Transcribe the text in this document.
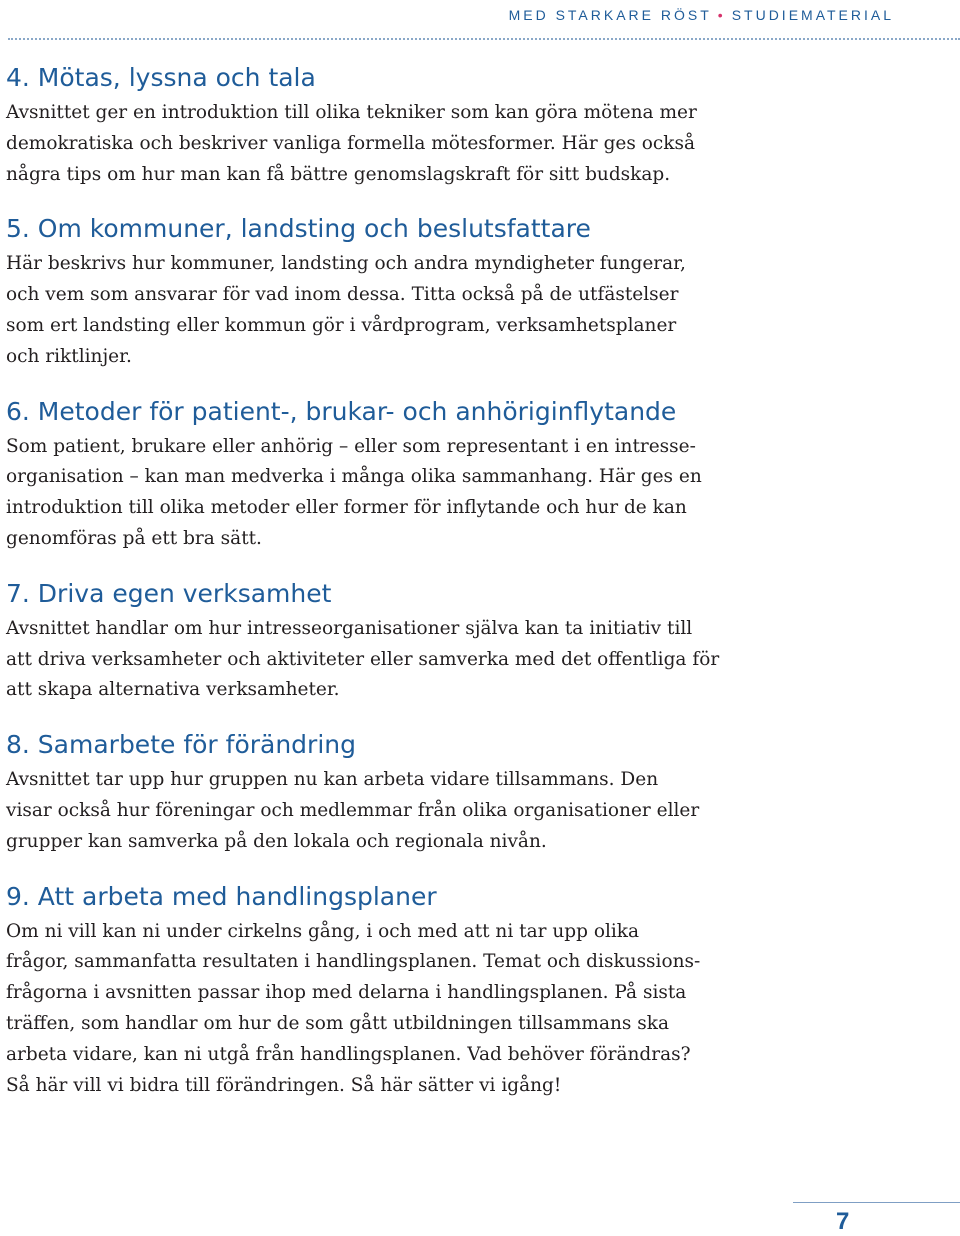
MED STARKARE RÖST • STUDIEMATERIAL
4. Mötas, lyssna och tala

Avsnittet ger en introduktion till olika tekniker som kan göra mötena mer
demokratiska och beskriver vanliga formella mötesformer. Här ges också
några tips om hur man kan få bättre genomslagskraft för sitt budskap.

5. Om kommuner, landsting och beslutsfattare

Här beskrivs hur kommuner, landsting och andra myndigheter fungerar,
och vem som ansvarar för vad inom dessa. Titta också på de utfästelser
som ert landsting eller kommun gör i vårdprogram, verksamhetsplaner
och riktlinjer.

6. Metoder för patient-, brukar- och anhöriginflytande

Som patient, brukare eller anhörig – eller som representant i en intresse-
organisation – kan man medverka i många olika sammanhang. Här ges en
introduktion till olika metoder eller former för inflytande och hur de kan
genomföras på ett bra sätt.

7. Driva egen verksamhet

Avsnittet handlar om hur intresseorganisationer själva kan ta initiativ till
att driva verksamheter och aktiviteter eller samverka med det offentliga för
att skapa alternativa verksamheter.

8. Samarbete för förändring

Avsnittet tar upp hur gruppen nu kan arbeta vidare tillsammans. Den
visar också hur föreningar och medlemmar från olika organisationer eller
grupper kan samverka på den lokala och regionala nivån.

9. Att arbeta med handlingsplaner

Om ni vill kan ni under cirkelns gång, i och med att ni tar upp olika
frågor, sammanfatta resultaten i handlingsplanen. Temat och diskussions-
frågorna i avsnitten passar ihop med delarna i handlingsplanen. På sista
träffen, som handlar om hur de som gått utbildningen tillsammans ska
arbeta vidare, kan ni utgå från handlingsplanen. Vad behöver förändras?
Så här vill vi bidra till förändringen. Så här sätter vi igång!

7
